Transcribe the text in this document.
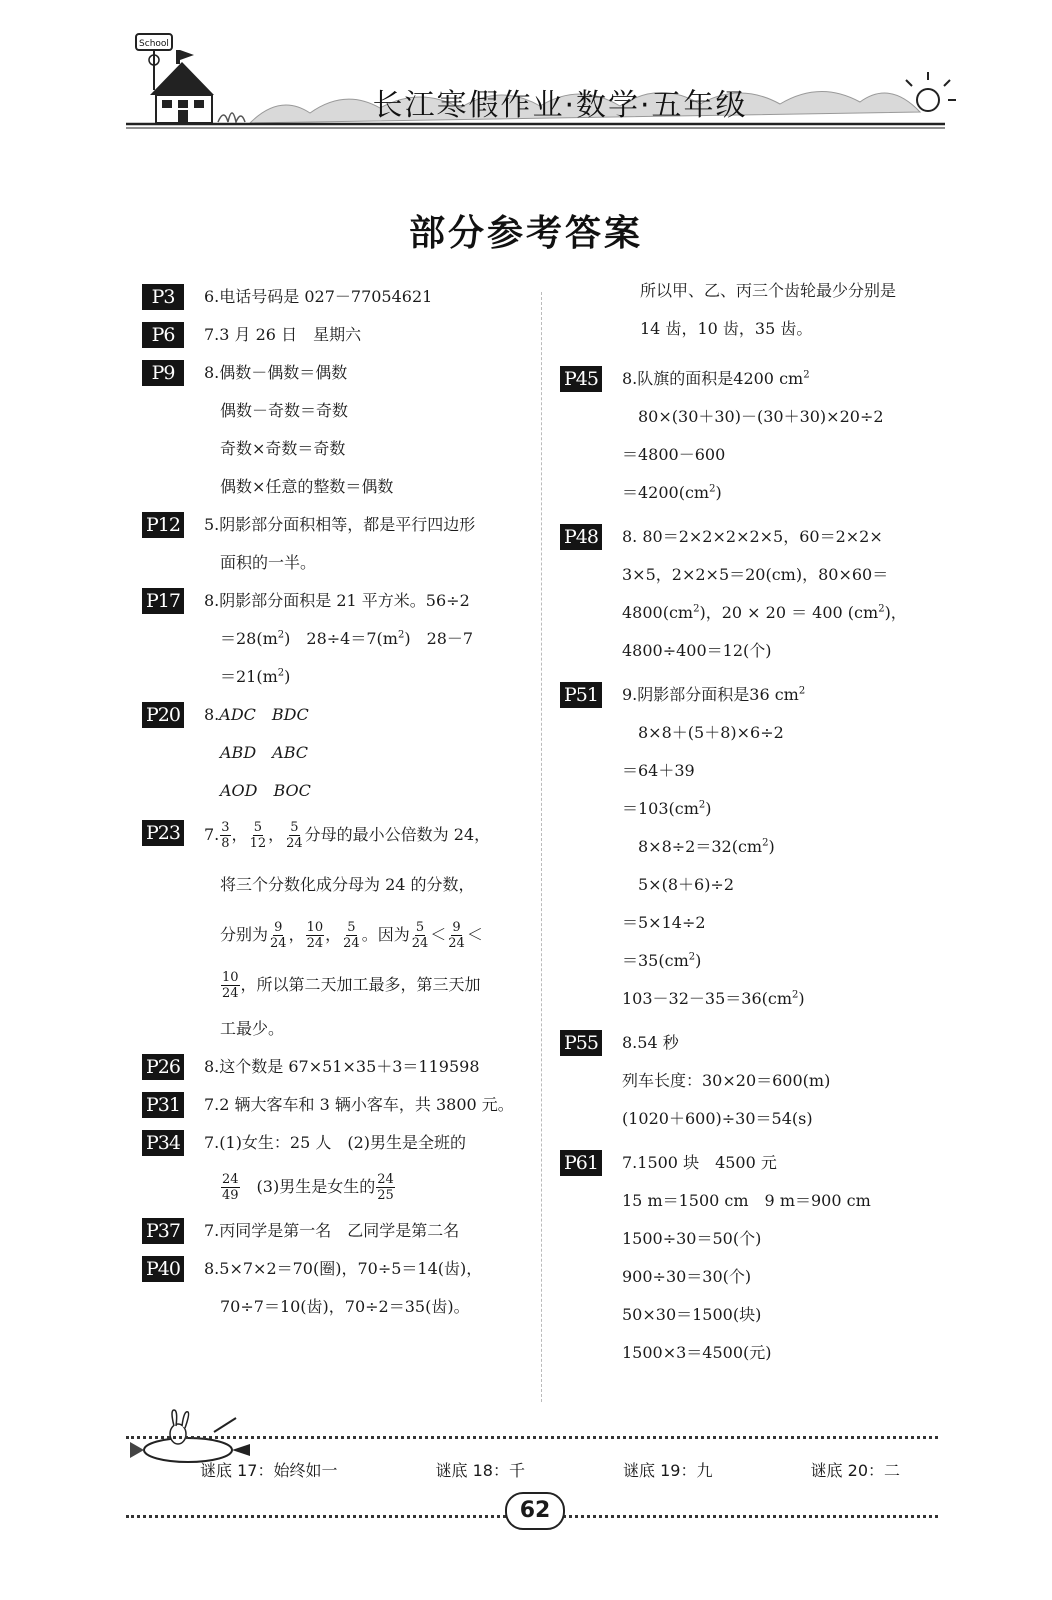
School
长江寒假作业·数学·五年级
部分参考答案
P3	6.电话号码是 027－77054621
P6	7.3 月 26 日　星期六
P9	8.偶数－偶数＝偶数
偶数－奇数＝奇数
奇数×奇数＝奇数
偶数×任意的整数＝偶数
P12 5.阴影部分面积相等，都是平行四边形
面积的一半。
P17 8.阴影部分面积是 21 平方米。56÷2
$=28(m^2)$　$28\div 4=7(m^2)$　28－7
$=21(m^2)$
P20 8.ADC　BDC
ABD　ABC
AOD　BOC
P23 7. $\frac{3}{8}$ ， $\frac{5}{12}$ ， $\frac{5}{24}$ 分母的最小公倍数为 24，
将三个分数化成分母为 24 的分数，
分别为 $\frac{9}{24}$ ， $\frac{10}{24}$ ， $\frac{5}{24}$ 。因为 $\frac{5}{24} < \frac{9}{24}$ ＜
$\frac{10}{24}$ ，所以第二天加工最多，第三天加
工最少。
P26 8.这个数是 67×51×35＋3＝119598
P31 7.2 辆大客车和 3 辆小客车，共 3800 元。
P34 7.(1)女生：25 人　(2)男生是全班的
$\frac{24}{49}$ 　(3)男生是女生的 $\frac{24}{25}$
P37 7.丙同学是第一名　乙同学是第二名
P40 8.5×7×2＝70(圈)，70÷5＝14(齿)，
70÷7＝10(齿)，70÷2＝35(齿)。
所以甲、乙、丙三个齿轮最少分别是
14 齿，10 齿，35 齿。
P45 8.队旗的面积是4200 $cm^2$
80×(30＋30)－(30＋30)×20÷2
＝4800－600
$=4200(cm^2)$
P48 8. 80＝2×2×2×2×5，60＝2×2×
3×5，2×2×5＝20(cm)，80×60＝
$4800(cm^2)$，20 × 20 ＝ 400 $(cm^2)$，
4800÷400＝12(个)
P51 9.阴影部分面积是36 $cm^2$
8×8＋(5＋8)×6÷2
＝64＋39
$=103(cm^2)$
$8\times 8\div 2=32(cm^2)$
5×(8＋6)÷2
＝5×14÷2
$=35(cm^2)$
$103-32-35=36(cm^2)$
P55 8.54 秒
列车长度：30×20＝600(m)
(1020＋600)÷30＝54(s)
P61 7.1500 块　4500 元
15 m＝1500 cm　9 m＝900 cm
1500÷30＝50(个)
900÷30＝30(个)
50×30＝1500(块)
1500×3＝4500(元)
谜底 17：始终如一	谜底 18：千	谜底 19：九	谜底 20：二
62
